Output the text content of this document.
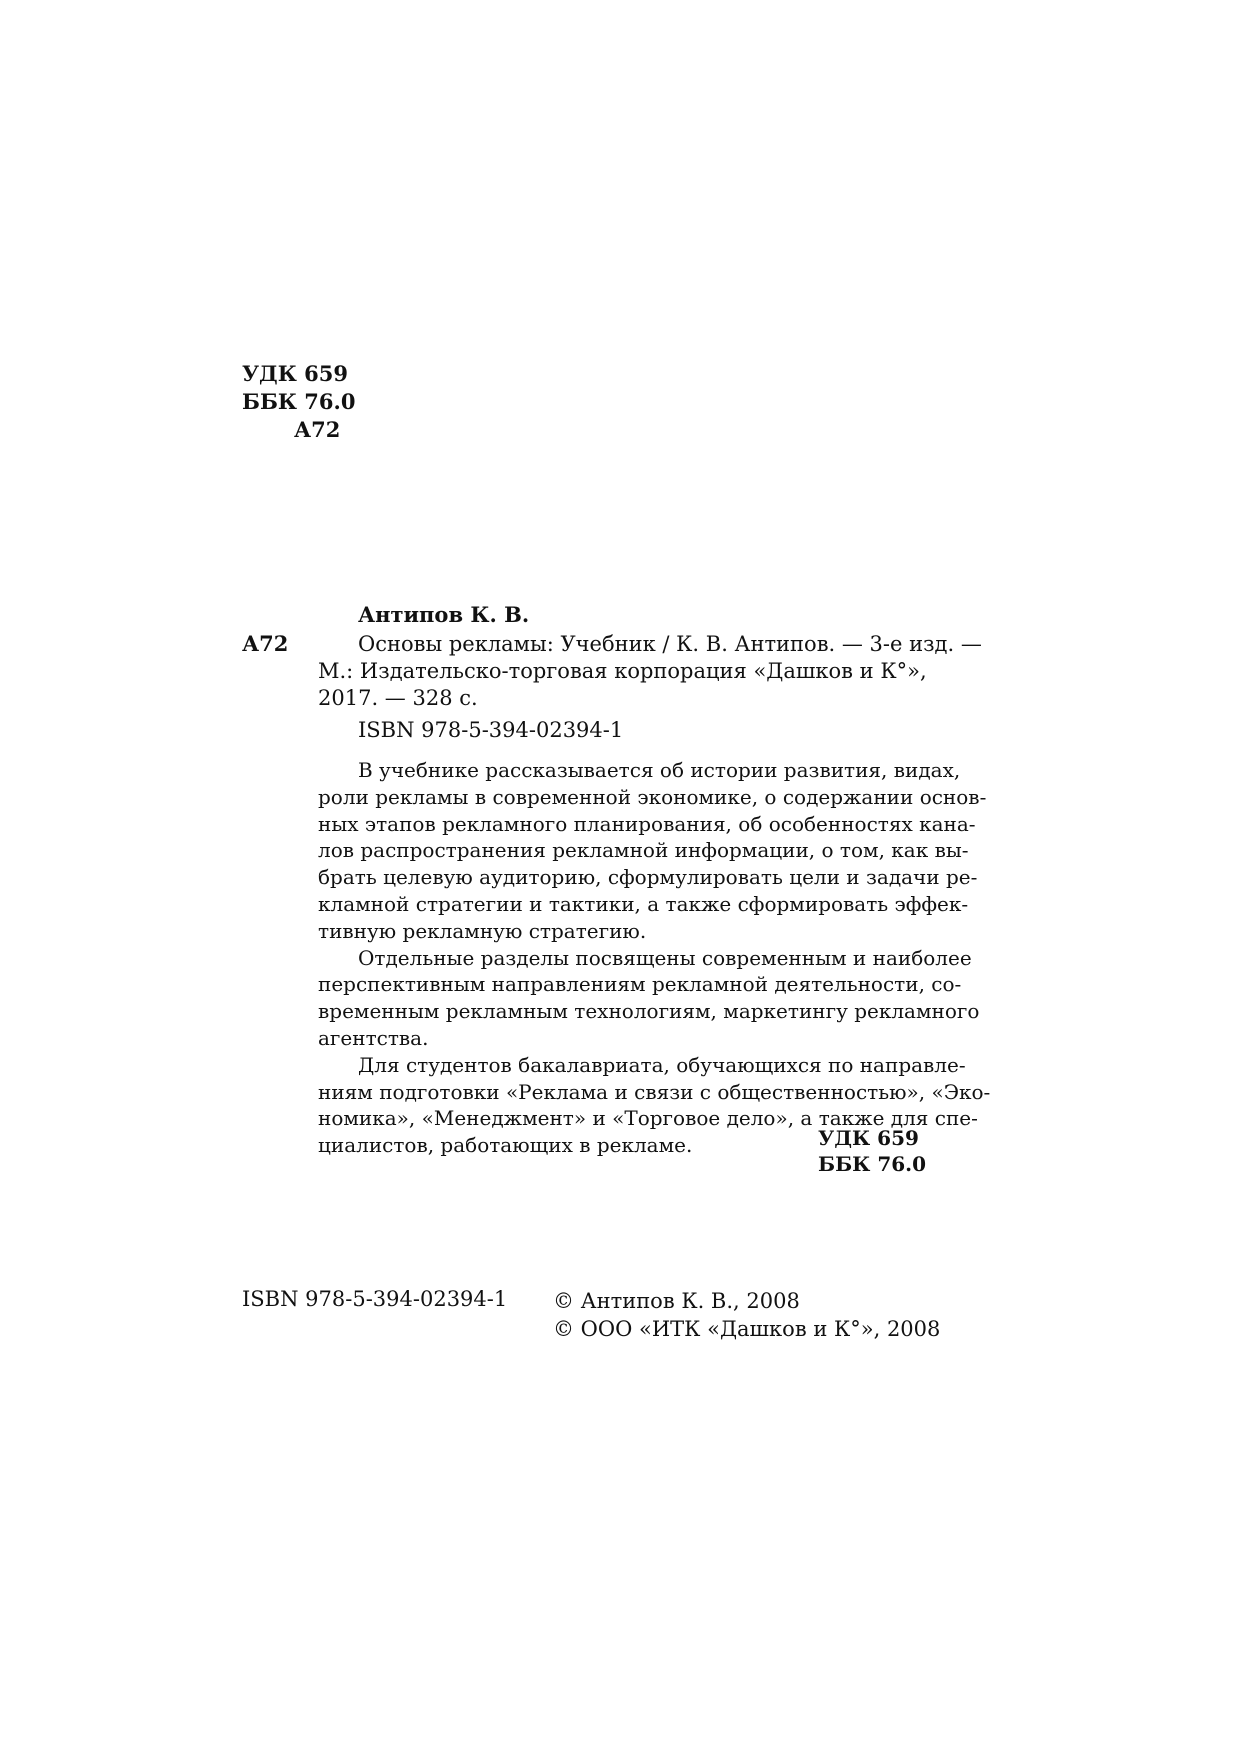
УДК 659
ББК 76.0
А72
Антипов К. В.
А72	Основы рекламы: Учебник / К. В. Антипов. — 3-е изд. —
М.: Издательско-торговая корпорация «Дашков и К°»,
2017. — 328 с.
ISBN 978-5-394-02394-1
В учебнике рассказывается об истории развития, видах,
роли рекламы в современной экономике, о содержании основ-
ных этапов рекламного планирования, об особенностях кана-
лов распространения рекламной информации, о том, как вы-
брать целевую аудиторию, сформулировать цели и задачи ре-
кламной стратегии и тактики, а также сформировать эффек-
тивную рекламную стратегию.
Отдельные разделы посвящены современным и наиболее
перспективным направлениям рекламной деятельности, со-
временным рекламным технологиям, маркетингу рекламного
агентства.
Для студентов бакалавриата, обучающихся по направле-
ниям подготовки «Реклама и связи с общественностью», «Эко-
номика», «Менеджмент» и «Торговое дело», а также для спе-
циалистов, работающих в рекламе.	УДК 659
ББК 76.0
ISBN 978-5-394-02394-1 © Антипов К. В., 2008
© ООО «ИТК «Дашков и К°», 2008
